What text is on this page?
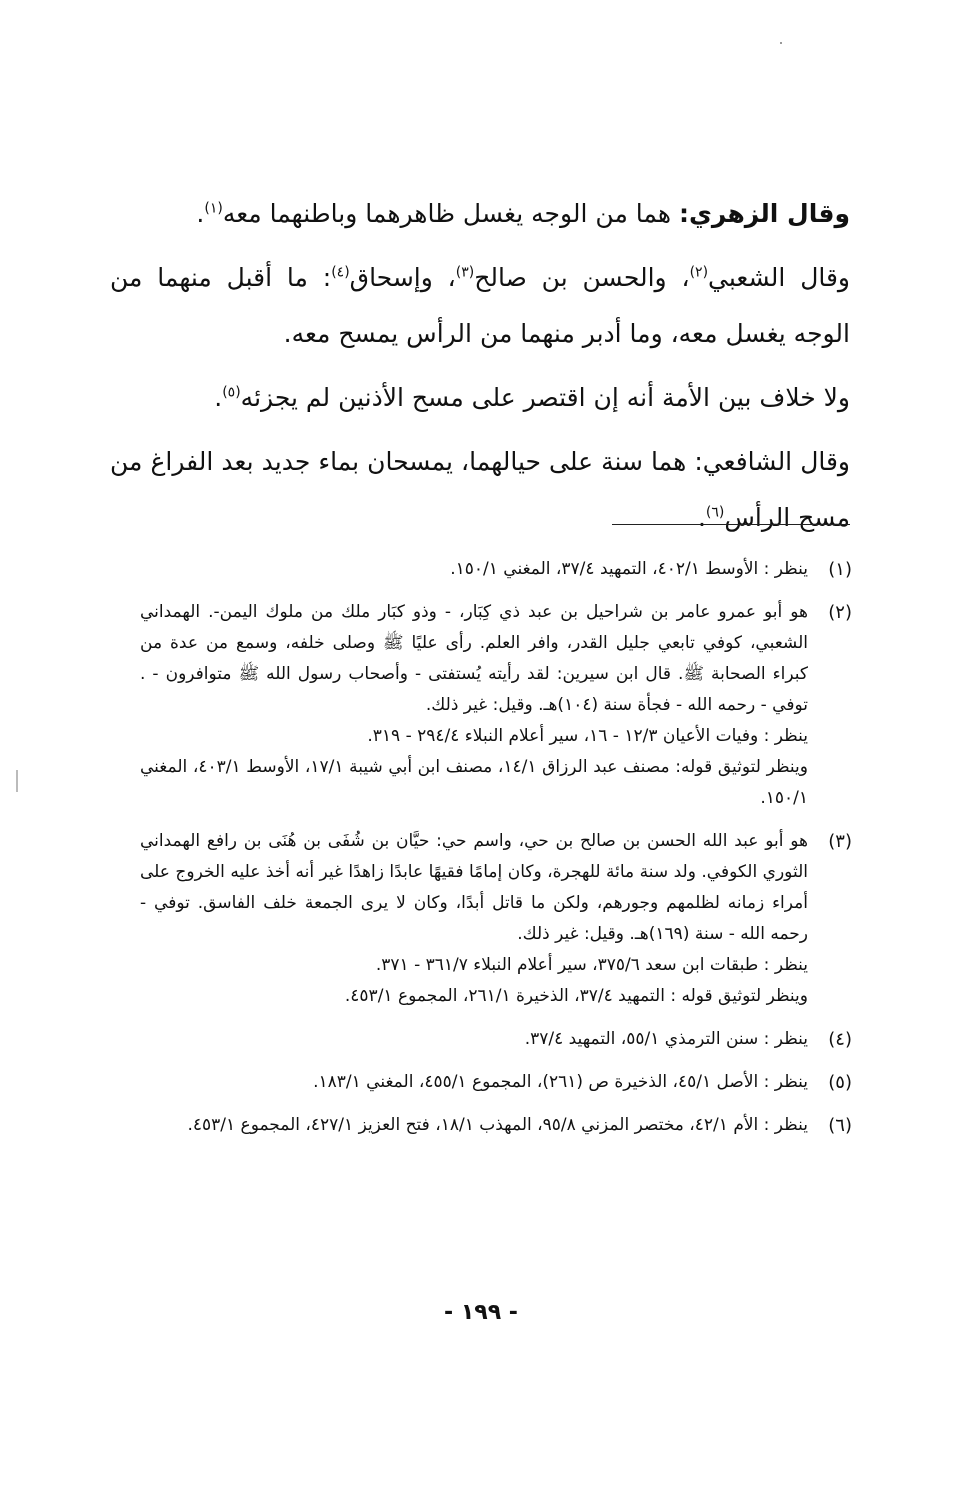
وقال الزهري: هما من الوجه يغسل ظاهرهما وباطنهما معه$^{(١)}$.

وقال الشعبي$^{(٢)}$، والحسن بن صالح$^{(٣)}$، وإسحاق$^{(٤)}$: ما أقبل منهما من الوجه يغسل معه، وما أدبر منهما من الرأس يمسح معه.

ولا خلاف بين الأمة أنه إن اقتصر على مسح الأذنين لم يجزئه$^{(٥)}$.

وقال الشافعي: هما سنة على حيالهما، يمسحان بماء جديد بعد الفراغ من مسح الرأس$^{(٦)}$.

(١)

ينظر : الأوسط ٤٠٢/١، التمهيد ٣٧/٤، المغني ١٥٠/١.

(٢)

هو أبو عمرو عامر بن شراحيل بن عبد ذي كِبَار، - وذو كبَار ملك من ملوك اليمن-. الهمداني الشعبي، كوفي تابعي جليل القدر، وافر العلم. رأى عليًا ﷺ وصلى خلفه، وسمع من عدة من كبراء الصحابة ﷺ. قال ابن سيرين: لقد رأيته يُستفتى - وأصحاب رسول الله ﷺ متوافرون - . توفي - رحمه الله - فجأة سنة (١٠٤)هـ. وقيل: غير ذلك.

ينظر : وفيات الأعيان ١٢/٣ - ١٦، سير أعلام النبلاء ٢٩٤/٤ - ٣١٩.

وينظر لتوثيق قوله: مصنف عبد الرزاق ١٤/١، مصنف ابن أبي شيبة ١٧/١، الأوسط ٤٠٣/١، المغني ١٥٠/١.

(٣)

هو أبو عبد الله الحسن بن صالح بن حي، واسم حي: حيَّان بن شُفَى بن هُنَى بن رافع الهمداني الثوري الكوفي. ولد سنة مائة للهجرة، وكان إمامًا فقيهًا عابدًا زاهدًا غير أنه أخذ عليه الخروج على أمراء زمانه لظلمهم وجورهم، ولكن ما قاتل أبدًا، وكان لا يرى الجمعة خلف الفاسق. توفي - رحمه الله - سنة (١٦٩)هـ. وقيل: غير ذلك.

ينظر : طبقات ابن سعد ٣٧٥/٦، سير أعلام النبلاء ٣٦١/٧ - ٣٧١.

وينظر لتوثيق قوله : التمهيد ٣٧/٤، الذخيرة ٢٦١/١، المجموع ٤٥٣/١.

(٤)

ينظر : سنن الترمذي ٥٥/١، التمهيد ٣٧/٤.

(٥)

ينظر : الأصل ٤٥/١، الذخيرة ص (٢٦١)، المجموع ٤٥٥/١، المغني ١٨٣/١.

(٦)

ينظر : الأم ٤٢/١، مختصر المزني ٩٥/٨، المهذب ١٨/١، فتح العزيز ٤٢٧/١، المجموع ٤٥٣/١.

- ١٩٩ -
